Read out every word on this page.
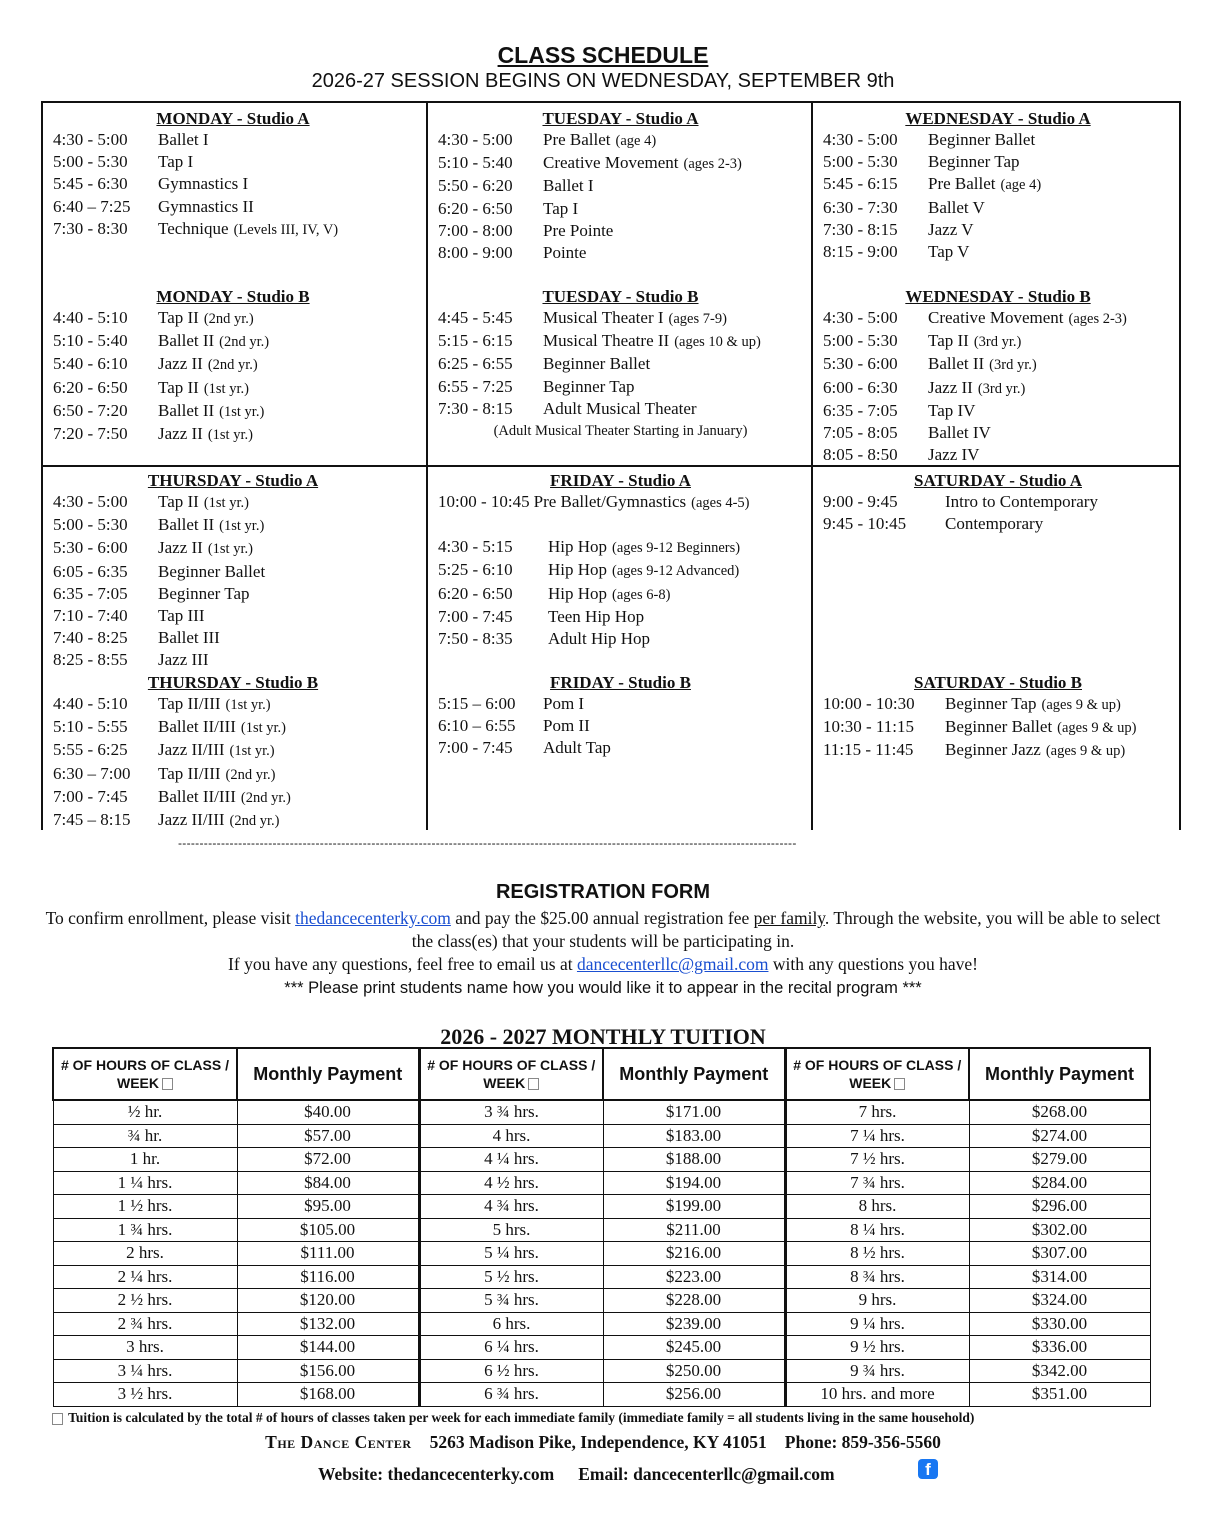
CLASS SCHEDULE
2026-27 SESSION BEGINS ON WEDNESDAY, SEPTEMBER 9th
MONDAY - Studio A
4:30 - 5:00 Ballet I
5:00 - 5:30 Tap I
5:45 - 6:30 Gymnastics I
6:40 – 7:25 Gymnastics II
7:30 - 8:30 Technique (Levels III, IV, V)
TUESDAY - Studio A
4:30 - 5:00 Pre Ballet (age 4)
5:10 - 5:40 Creative Movement (ages 2-3)
5:50 - 6:20 Ballet I
6:20 - 6:50 Tap I
7:00 - 8:00 Pre Pointe
8:00 - 9:00 Pointe
WEDNESDAY - Studio A
4:30 - 5:00 Beginner Ballet
5:00 - 5:30 Beginner Tap
5:45 - 6:15 Pre Ballet (age 4)
6:30 - 7:30 Ballet V
7:30 - 8:15 Jazz V
8:15 - 9:00 Tap V
MONDAY - Studio B
4:40 - 5:10 Tap II (2nd yr.)
5:10 - 5:40 Ballet II (2nd yr.)
5:40 - 6:10 Jazz II (2nd yr.)
6:20 - 6:50 Tap II (1st yr.)
6:50 - 7:20 Ballet II (1st yr.)
7:20 - 7:50 Jazz II (1st yr.)
TUESDAY - Studio B
4:45 - 5:45 Musical Theater I (ages 7-9)
5:15 - 6:15 Musical Theatre II (ages 10 & up)
6:25 - 6:55 Beginner Ballet
6:55 - 7:25 Beginner Tap
7:30 - 8:15 Adult Musical Theater
(Adult Musical Theater Starting in January)
WEDNESDAY - Studio B
4:30 - 5:00 Creative Movement (ages 2-3)
5:00 - 5:30 Tap II (3rd yr.)
5:30 - 6:00 Ballet II (3rd yr.)
6:00 - 6:30 Jazz II (3rd yr.)
6:35 - 7:05 Tap IV
7:05 - 8:05 Ballet IV
8:05 - 8:50 Jazz IV
THURSDAY - Studio A
4:30 - 5:00 Tap II (1st yr.)
5:00 - 5:30 Ballet II (1st yr.)
5:30 - 6:00 Jazz II (1st yr.)
6:05 - 6:35 Beginner Ballet
6:35 - 7:05 Beginner Tap
7:10 - 7:40 Tap III
7:40 - 8:25 Ballet III
8:25 - 8:55 Jazz III
FRIDAY - Studio A
10:00 - 10:45 Pre Ballet/Gymnastics (ages 4-5)
4:30 - 5:15 Hip Hop (ages 9-12 Beginners)
5:25 - 6:10 Hip Hop (ages 9-12 Advanced)
6:20 - 6:50 Hip Hop (ages 6-8)
7:00 - 7:45 Teen Hip Hop
7:50 - 8:35 Adult Hip Hop
SATURDAY - Studio A
9:00 - 9:45	Intro to Contemporary
9:45 - 10:45 Contemporary
THURSDAY - Studio B
4:40 - 5:10 Tap II/III (1st yr.)
5:10 - 5:55 Ballet II/III (1st yr.)
5:55 - 6:25 Jazz II/III (1st yr.)
6:30 – 7:00 Tap II/III (2nd yr.)
7:00 - 7:45 Ballet II/III (2nd yr.)
7:45 – 8:15 Jazz II/III (2nd yr.)
FRIDAY - Studio B
5:15 – 6:00 Pom I
6:10 – 6:55 Pom II
7:00 - 7:45 Adult Tap
SATURDAY - Studio B
10:00 - 10:30 Beginner Tap (ages 9 & up)
10:30 - 11:15 Beginner Ballet (ages 9 & up)
11:15 - 11:45 Beginner Jazz (ages 9 & up)
------------------------------------------------------------------------------------------------------------------------------------------------
REGISTRATION FORM
To confirm enrollment, please visit thedancecenterky.com and pay the $25.00 annual registration fee per family. Through the website, you will be able to select the class(es) that your students will be participating in.
If you have any questions, feel free to email us at dancecenterllc@gmail.com with any questions you have!
*** Please print students name how you would like it to appear in the recital program ***
2026 - 2027 MONTHLY TUITION
# OF HOURS OF CLASS / WEEK	Monthly Payment	# OF HOURS OF CLASS / WEEK	Monthly Payment	# OF HOURS OF CLASS / WEEK	Monthly Payment
½ hr.	$40.00	3 ¾ hrs.	$171.00	7 hrs.	$268.00
¾ hr.	$57.00	4 hrs.	$183.00	7 ¼ hrs.	$274.00
1 hr.	$72.00	4 ¼ hrs.	$188.00	7 ½ hrs.	$279.00
1 ¼ hrs.	$84.00	4 ½ hrs.	$194.00	7 ¾ hrs.	$284.00
1 ½ hrs.	$95.00	4 ¾ hrs.	$199.00	8 hrs.	$296.00
1 ¾ hrs.	$105.00	5 hrs.	$211.00	8 ¼ hrs.	$302.00
2 hrs.	$111.00	5 ¼ hrs.	$216.00	8 ½ hrs.	$307.00
2 ¼ hrs.	$116.00	5 ½ hrs.	$223.00	8 ¾ hrs.	$314.00
2 ½ hrs.	$120.00	5 ¾ hrs.	$228.00	9 hrs.	$324.00
2 ¾ hrs.	$132.00	6 hrs.	$239.00	9 ¼ hrs.	$330.00
3 hrs.	$144.00	6 ¼ hrs.	$245.00	9 ½ hrs.	$336.00
3 ¼ hrs.	$156.00	6 ½ hrs.	$250.00	9 ¾ hrs.	$342.00
3 ½ hrs.	$168.00	6 ¾ hrs.	$256.00	10 hrs. and more	$351.00
Tuition is calculated by the total # of hours of classes taken per week for each immediate family (immediate family = all students living in the same household)
The Dance Center 5263 Madison Pike, Independence, KY 41051 Phone: 859-356-5560
Website: thedancecenterky.com Email: dancecenterllc@gmail.com	f
